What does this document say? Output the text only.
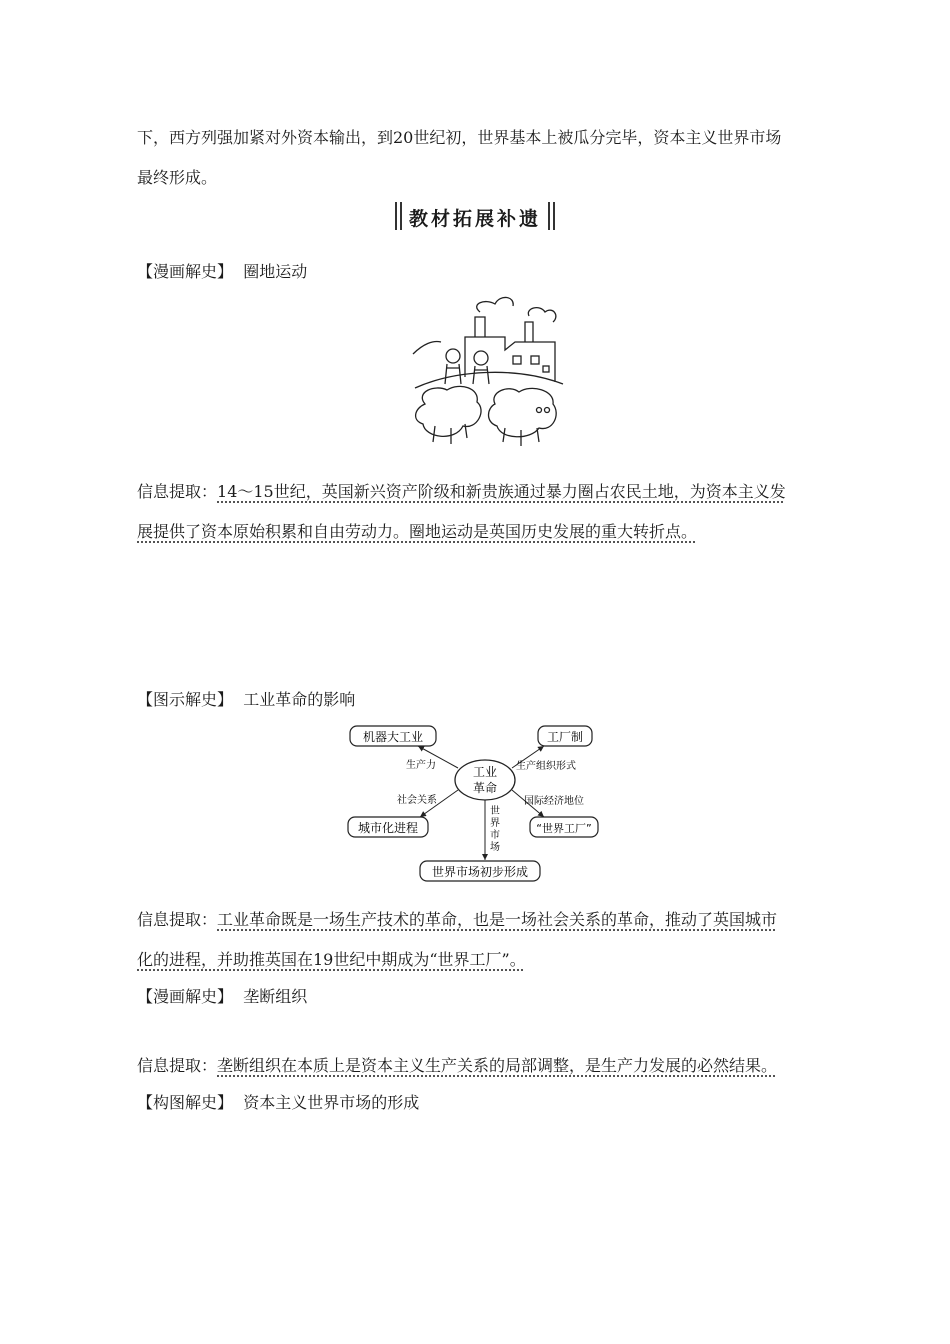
下，西方列强加紧对外资本输出，到20世纪初，世界基本上被瓜分完毕，资本主义世界市场
最终形成。
教材拓展补遗
【漫画解史】 圈地运动
信息提取：14～15世纪，英国新兴资产阶级和新贵族通过暴力圈占农民土地，为资本主义发
展提供了资本原始积累和自由劳动力。圈地运动是英国历史发展的重大转折点。
【图示解史】 工业革命的影响
工业
革命
机器大工业	工厂制
城市化进程	“世界工厂”
世界市场初步形成
生产力	生产组织形式
社会关系	国际经济地位
世
界
市
场
信息提取：工业革命既是一场生产技术的革命，也是一场社会关系的革命，推动了英国城市
化的进程，并助推英国在19世纪中期成为“世界工厂”。
【漫画解史】 垄断组织
信息提取：垄断组织在本质上是资本主义生产关系的局部调整，是生产力发展的必然结果。
【构图解史】 资本主义世界市场的形成
